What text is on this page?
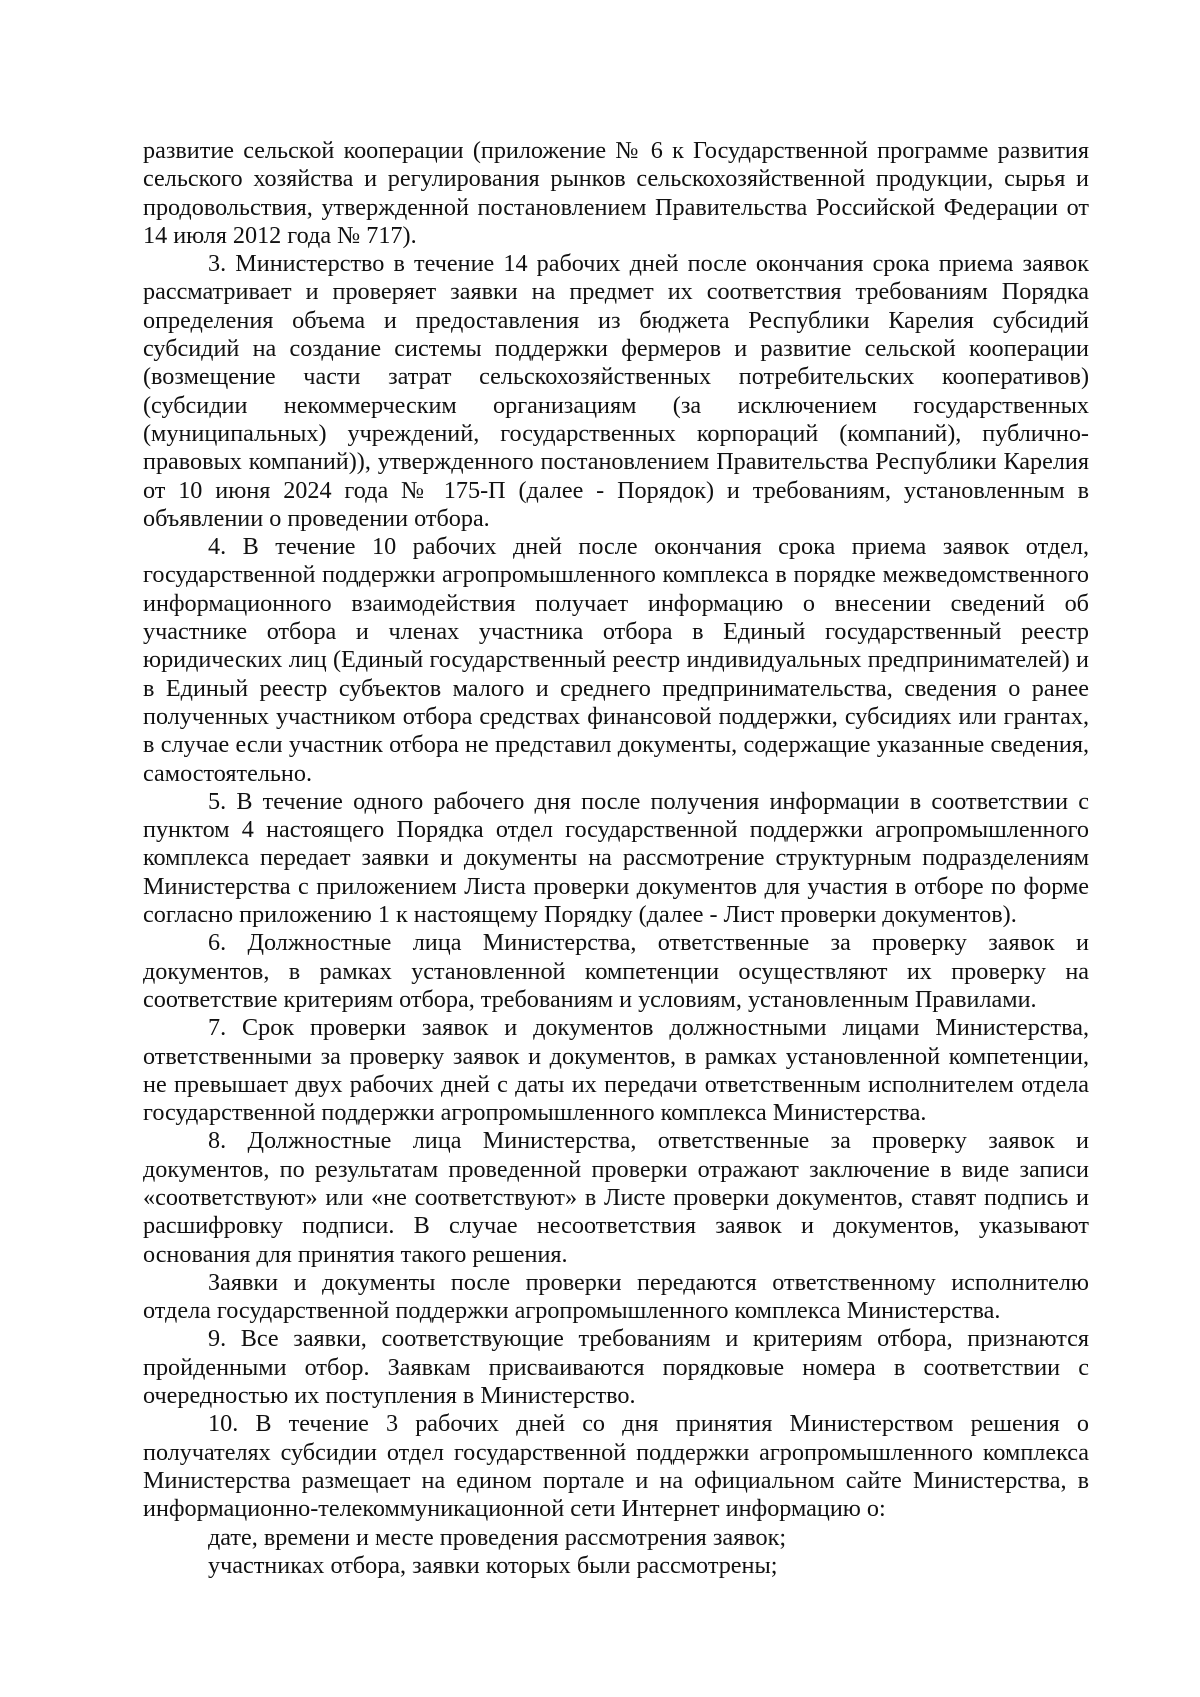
развитие сельской кооперации (приложение № 6 к Государственной программе развития сельского хозяйства и регулирования рынков сельскохозяйственной продукции, сырья и продовольствия, утвержденной постановлением Правительства Российской Федерации от 14 июля 2012 года № 717).

3. Министерство в течение 14 рабочих дней после окончания срока приема заявок рассматривает и проверяет заявки на предмет их соответствия требованиям Порядка определения объема и предоставления из бюджета Республики Карелия субсидий субсидий на создание системы поддержки фермеров и развитие сельской кооперации (возмещение части затрат сельскохозяйственных потребительских кооперативов) (субсидии некоммерческим организациям (за исключением государственных (муниципальных) учреждений, государственных корпораций (компаний), публично-правовых компаний)), утвержденного постановлением Правительства Республики Карелия от 10 июня 2024 года № 175-П (далее - Порядок) и требованиям, установленным в объявлении о проведении отбора.

4. В течение 10 рабочих дней после окончания срока приема заявок отдел, государственной поддержки агропромышленного комплекса в порядке межведомственного информационного взаимодействия получает информацию о внесении сведений об участнике отбора и членах участника отбора в Единый государственный реестр юридических лиц (Единый государственный реестр индивидуальных предпринимателей) и в Единый реестр субъектов малого и среднего предпринимательства, сведения о ранее полученных участником отбора средствах финансовой поддержки, субсидиях или грантах, в случае если участник отбора не представил документы, содержащие указанные сведения, самостоятельно.

5. В течение одного рабочего дня после получения информации в соответствии с пунктом 4 настоящего Порядка отдел государственной поддержки агропромышленного комплекса передает заявки и документы на рассмотрение структурным подразделениям Министерства с приложением Листа проверки документов для участия в отборе по форме согласно приложению 1 к настоящему Порядку (далее - Лист проверки документов).

6. Должностные лица Министерства, ответственные за проверку заявок и документов, в рамках установленной компетенции осуществляют их проверку на соответствие критериям отбора, требованиям и условиям, установленным Правилами.

7. Срок проверки заявок и документов должностными лицами Министерства, ответственными за проверку заявок и документов, в рамках установленной компетенции, не превышает двух рабочих дней с даты их передачи ответственным исполнителем отдела государственной поддержки агропромышленного комплекса Министерства.

8. Должностные лица Министерства, ответственные за проверку заявок и документов, по результатам проведенной проверки отражают заключение в виде записи «соответствуют» или «не соответствуют» в Листе проверки документов, ставят подпись и расшифровку подписи. В случае несоответствия заявок и документов, указывают основания для принятия такого решения.

Заявки и документы после проверки передаются ответственному исполнителю отдела государственной поддержки агропромышленного комплекса Министерства.

9. Все заявки, соответствующие требованиям и критериям отбора, признаются пройденными отбор. Заявкам присваиваются порядковые номера в соответствии с очередностью их поступления в Министерство.

10. В течение 3 рабочих дней со дня принятия Министерством решения о получателях субсидии отдел государственной поддержки агропромышленного комплекса Министерства размещает на едином портале и на официальном сайте Министерства, в информационно-телекоммуникационной сети Интернет информацию о:

дате, времени и месте проведения рассмотрения заявок;

участниках отбора, заявки которых были рассмотрены;
